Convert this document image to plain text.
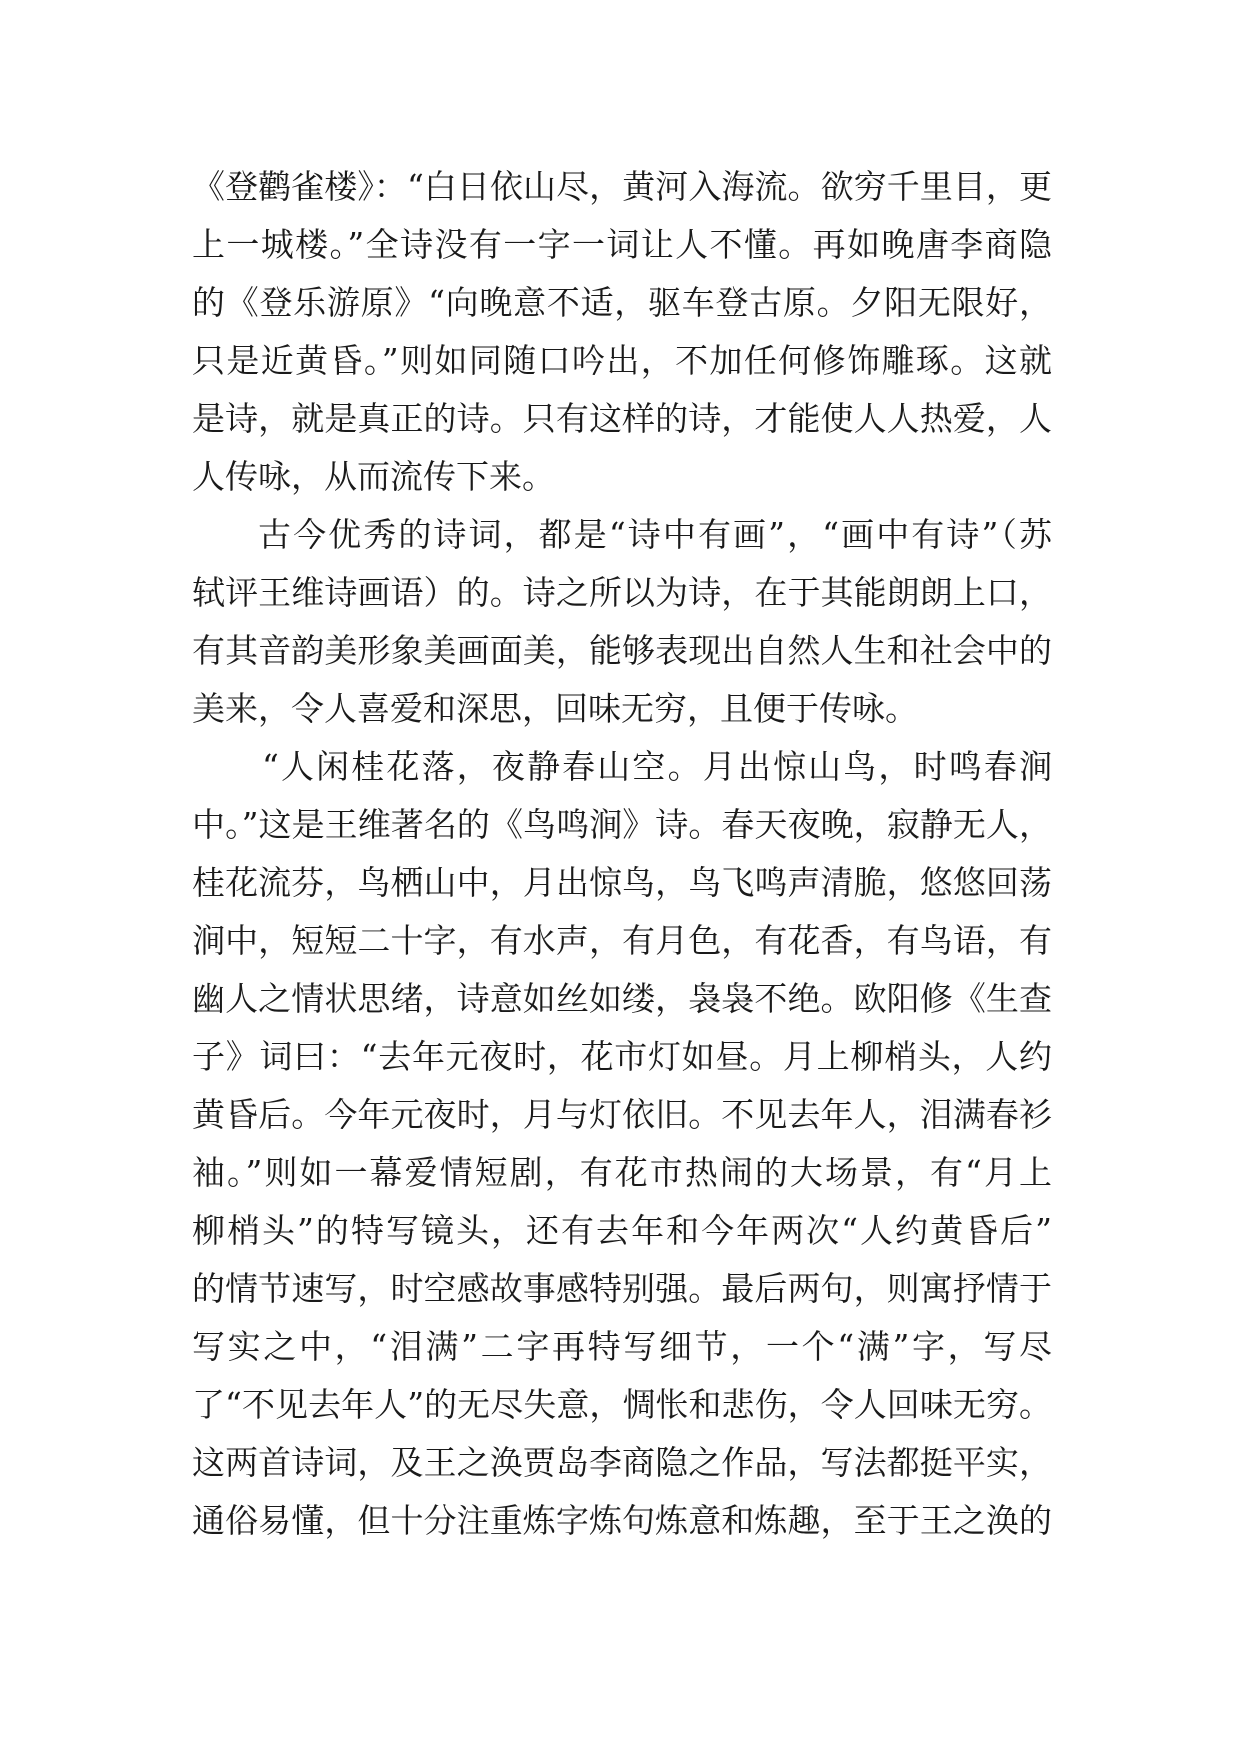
《登鹳雀楼》：“白日依山尽，黄河入海流。欲穷千里目，更
上一城楼。”全诗没有一字一词让人不懂。再如晚唐李商隐
的《登乐游原》“向晚意不适，驱车登古原。夕阳无限好，
只是近黄昏。”则如同随口吟出，不加任何修饰雕琢。这就
是诗，就是真正的诗。只有这样的诗，才能使人人热爱，人
人传咏，从而流传下来。
古今优秀的诗词，都是“诗中有画”，“画中有诗”（苏
轼评王维诗画语）的。诗之所以为诗，在于其能朗朗上口，
有其音韵美形象美画面美，能够表现出自然人生和社会中的
美来，令人喜爱和深思，回味无穷，且便于传咏。
“人闲桂花落，夜静春山空。月出惊山鸟，时鸣春涧
中。”这是王维著名的《鸟鸣涧》诗。春天夜晚，寂静无人，
桂花流芬，鸟栖山中，月出惊鸟，鸟飞鸣声清脆，悠悠回荡
涧中，短短二十字，有水声，有月色，有花香，有鸟语，有
幽人之情状思绪，诗意如丝如缕，袅袅不绝。欧阳修《生查
子》词曰：“去年元夜时，花市灯如昼。月上柳梢头，人约
黄昏后。今年元夜时，月与灯依旧。不见去年人，泪满春衫
袖。”则如一幕爱情短剧，有花市热闹的大场景，有“月上
柳梢头”的特写镜头，还有去年和今年两次“人约黄昏后”
的情节速写，时空感故事感特别强。最后两句，则寓抒情于
写实之中，“泪满”二字再特写细节，一个“满”字，写尽
了“不见去年人”的无尽失意，惆怅和悲伤，令人回味无穷。
这两首诗词，及王之涣贾岛李商隐之作品，写法都挺平实，
通俗易懂，但十分注重炼字炼句炼意和炼趣，至于王之涣的
